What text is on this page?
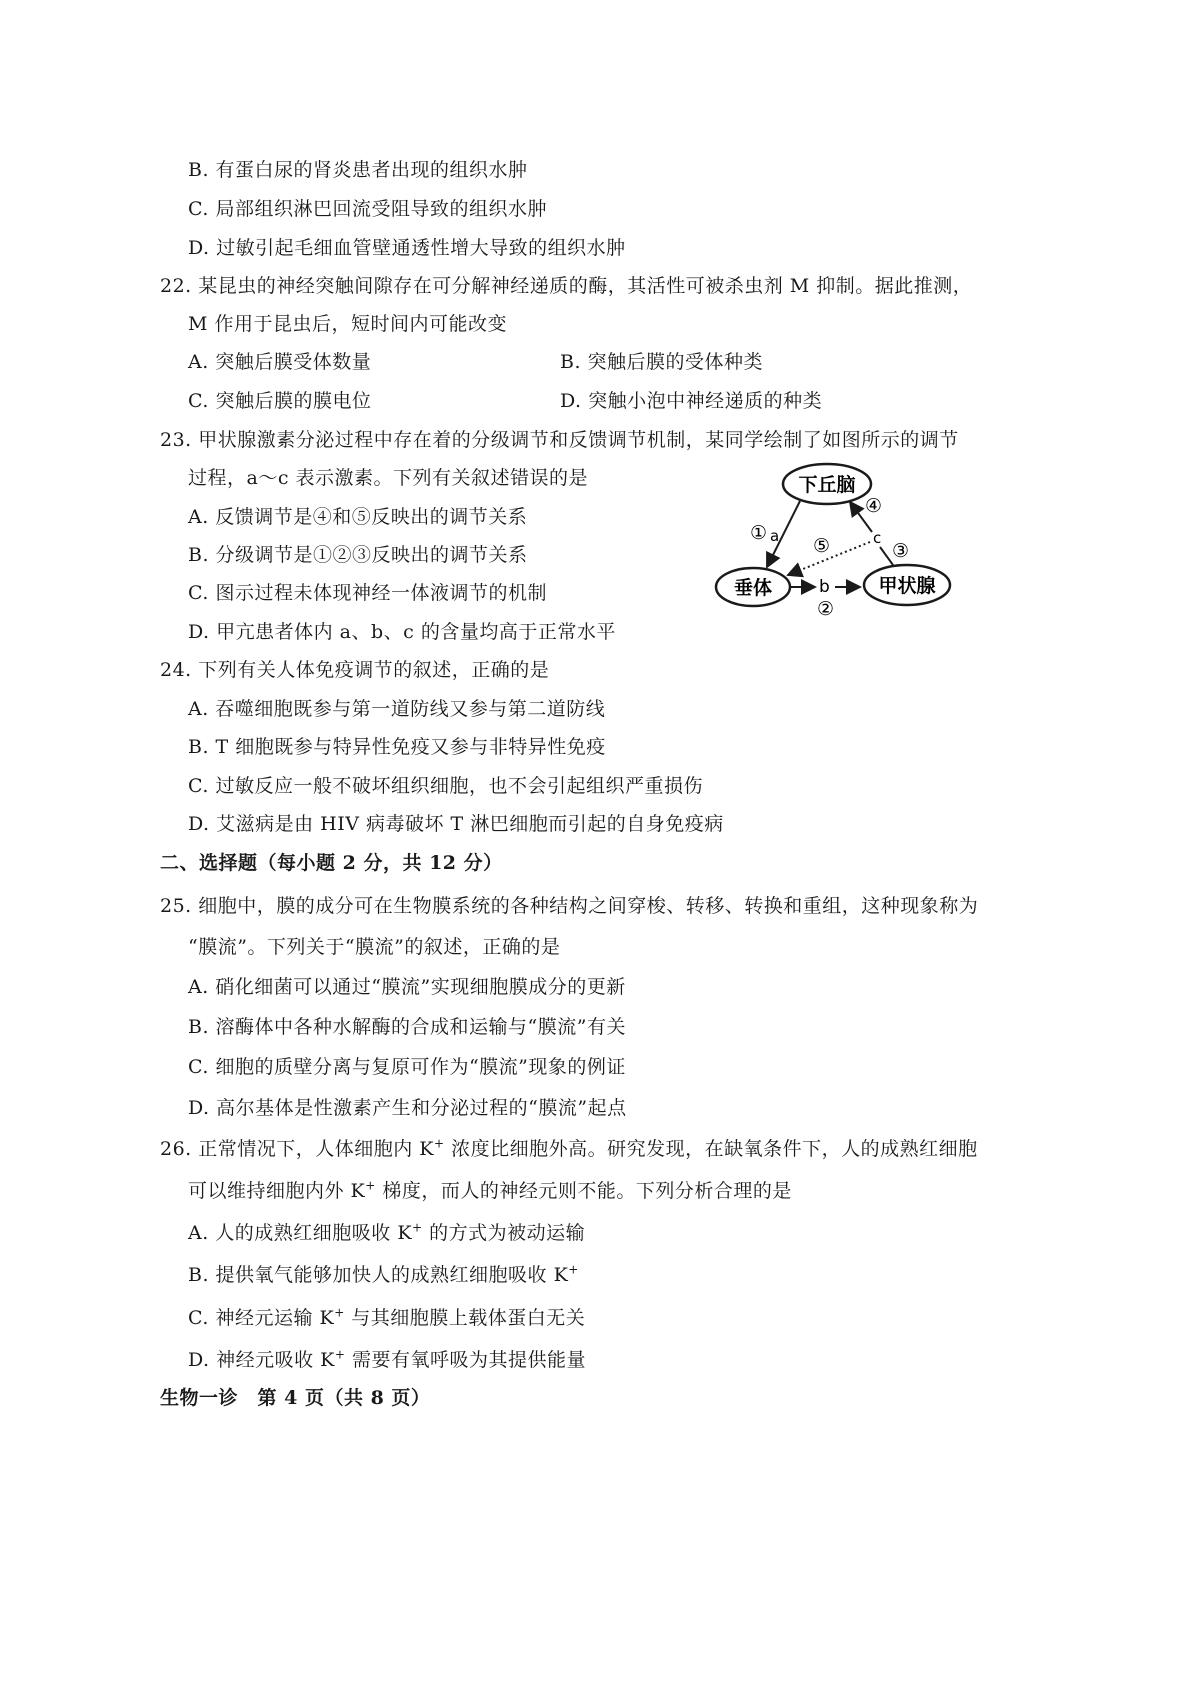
B. 有蛋白尿的肾炎患者出现的组织水肿
C. 局部组织淋巴回流受阻导致的组织水肿
D. 过敏引起毛细血管壁通透性增大导致的组织水肿
22. 某昆虫的神经突触间隙存在可分解神经递质的酶，其活性可被杀虫剂 M 抑制。据此推测，
M 作用于昆虫后，短时间内可能改变
A. 突触后膜受体数量	B. 突触后膜的受体种类
C. 突触后膜的膜电位	D. 突触小泡中神经递质的种类
23. 甲状腺激素分泌过程中存在着的分级调节和反馈调节机制，某同学绘制了如图所示的调节
过程，a～c 表示激素。下列有关叙述错误的是
A. 反馈调节是④和⑤反映出的调节关系
B. 分级调节是①②③反映出的调节关系
C. 图示过程未体现神经一体液调节的机制
D. 甲亢患者体内 a、b、c 的含量均高于正常水平
下丘脑
垂体	甲状腺
a
b
c
①
②
③
④
⑤
24. 下列有关人体免疫调节的叙述，正确的是
A. 吞噬细胞既参与第一道防线又参与第二道防线
B. T 细胞既参与特异性免疫又参与非特异性免疫
C. 过敏反应一般不破坏组织细胞，也不会引起组织严重损伤
D. 艾滋病是由 HIV 病毒破坏 T 淋巴细胞而引起的自身免疫病
二、选择题（每小题 2 分，共 12 分）
25. 细胞中，膜的成分可在生物膜系统的各种结构之间穿梭、转移、转换和重组，这种现象称为
“膜流”。下列关于“膜流”的叙述，正确的是
A. 硝化细菌可以通过“膜流”实现细胞膜成分的更新
B. 溶酶体中各种水解酶的合成和运输与“膜流”有关
C. 细胞的质壁分离与复原可作为“膜流”现象的例证
D. 高尔基体是性激素产生和分泌过程的“膜流”起点
26. 正常情况下，人体细胞内 K+ 浓度比细胞外高。研究发现，在缺氧条件下，人的成熟红细胞
可以维持细胞内外 K+ 梯度，而人的神经元则不能。下列分析合理的是
A. 人的成熟红细胞吸收 K+ 的方式为被动运输
B. 提供氧气能够加快人的成熟红细胞吸收 K+
C. 神经元运输 K+ 与其细胞膜上载体蛋白无关
D. 神经元吸收 K+ 需要有氧呼吸为其提供能量
生物一诊　第 4 页（共 8 页）
